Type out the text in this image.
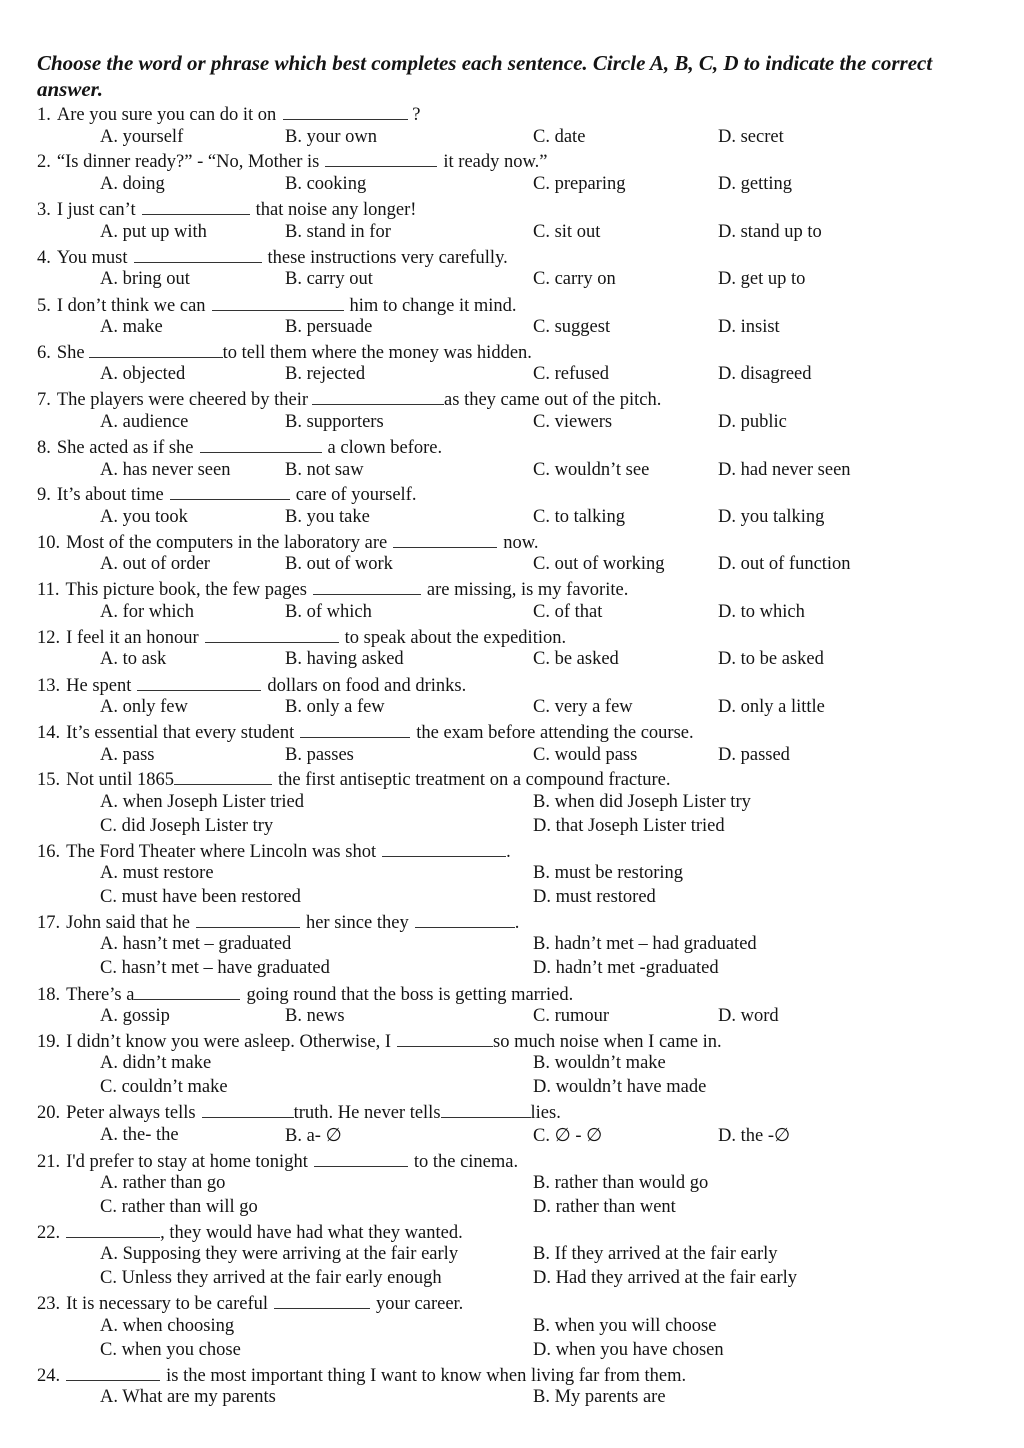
Choose the word or phrase which best completes each sentence. Circle A, B, C, D to indicate the correct answer.
1. Are you sure you can do it on	?
A. yourself	B. your own	C. date	D. secret
2. “Is dinner ready?” - “No, Mother is	it ready now.”
A. doing	B. cooking	C. preparing	D. getting
3. I just can’t	that noise any longer!
A. put up with	B. stand in for	C. sit out	D. stand up to
4. You must	these instructions very carefully.
A. bring out	B. carry out	C. carry on	D. get up to
5. I don’t think we can	him to change it mind.
A. make	B. persuade	C. suggest	D. insist
6. She	to tell them where the money was hidden.
A. objected	B. rejected	C. refused	D. disagreed
7. The players were cheered by their	as they came out of the pitch.
A. audience	B. supporters	C. viewers	D. public
8. She acted as if she	a clown before.
A. has never seen	B. not saw	C. wouldn’t see	D. had never seen
9. It’s about time	care of yourself.
A. you took	B. you take	C. to talking	D. you talking
10. Most of the computers in the laboratory are	now.
A. out of order	B. out of work	C. out of working	D. out of function
11. This picture book, the few pages	are missing, is my favorite.
A. for which	B. of which	C. of that	D. to which
12. I feel it an honour	to speak about the expedition.
A. to ask	B. having asked	C. be asked	D. to be asked
13. He spent	dollars on food and drinks.
A. only few	B. only a few	C. very a few	D. only a little
14. It’s essential that every student	the exam before attending the course.
A. pass	B. passes	C. would pass	D. passed
15. Not until 1865	the first antiseptic treatment on a compound fracture.
A. when Joseph Lister tried	B. when did Joseph Lister try
C. did Joseph Lister try	D. that Joseph Lister tried
16. The Ford Theater where Lincoln was shot	.
A. must restore	B. must be restoring
C. must have been restored	D. must restored
17. John said that he	her since they	.
A. hasn’t met – graduated	B. hadn’t met – had graduated
C. hasn’t met – have graduated	D. hadn’t met -graduated
18. There’s a	going round that the boss is getting married.
A. gossip	B. news	C. rumour	D. word
19. I didn’t know you were asleep. Otherwise, I	so much noise when I came in.
A. didn’t make	B. wouldn’t make
C. couldn’t make	D. wouldn’t have made
20. Peter always tells	truth. He never tells	lies.
A. the- the	B. a- ∅	C. ∅ - ∅	D. the -∅
21. I'd prefer to stay at home tonight	to the cinema.
A. rather than go	B. rather than would go
C. rather than will go	D. rather than went
22.	, they would have had what they wanted.
A. Supposing they were arriving at the fair early	B. If they arrived at the fair early
C. Unless they arrived at the fair early enough	D. Had they arrived at the fair early
23. It is necessary to be careful	your career.
A. when choosing	B. when you will choose
C. when you chose	D. when you have chosen
24.	is the most important thing I want to know when living far from them.
A. What are my parents	B. My parents are
